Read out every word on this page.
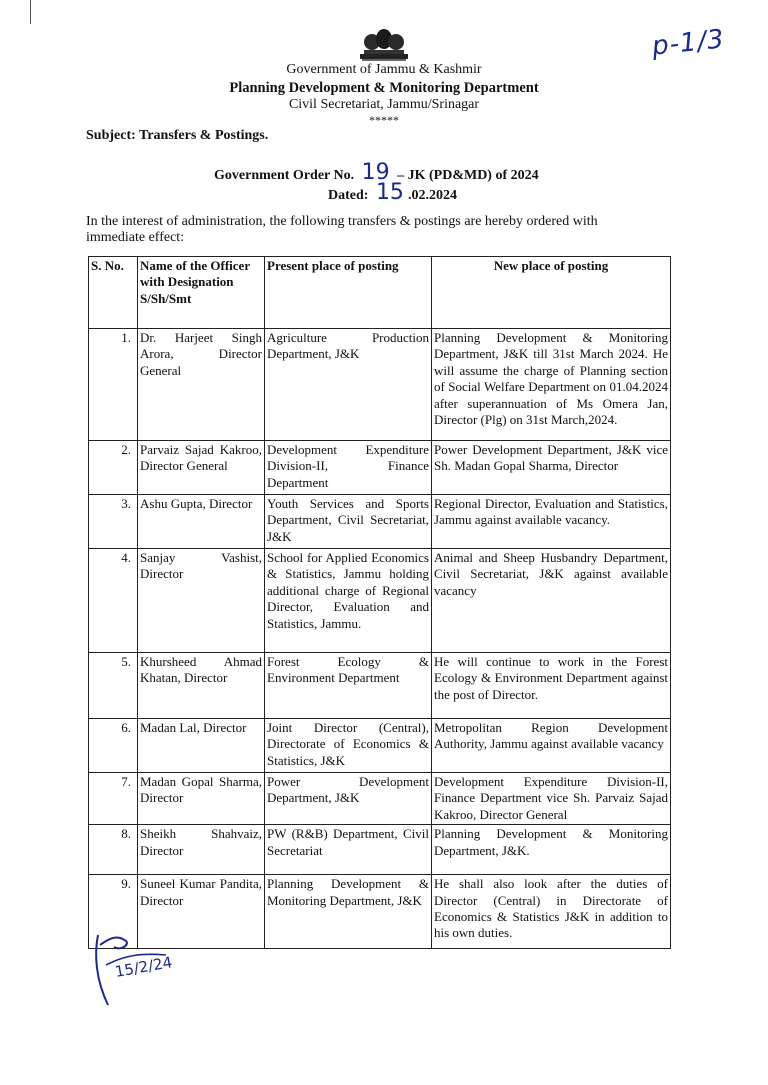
p-1/3
Government of Jammu & Kashmir
Planning Development & Monitoring Department
Civil Secretariat, Jammu/Srinagar
*****
Subject: Transfers & Postings.
Government Order No. 19 – JK (PD&MD) of 2024
Dated: 15 .02.2024
In the interest of administration, the following transfers & postings are hereby ordered with immediate effect:
S. No.	Name of the Officer with Designation S/Sh/Smt	Present place of posting	New place of posting
1.	Dr. Harjeet Singh Arora, Director General	Agriculture Production Department, J&K	Planning Development & Monitoring Department, J&K till 31st March 2024. He will assume the charge of Planning section of Social Welfare Department on 01.04.2024 after superannuation of Ms Omera Jan, Director (Plg) on 31st March,2024.
2.	Parvaiz Sajad Kakroo, Director General	Development Expenditure Division-II, Finance Department	Power Development Department, J&K vice Sh. Madan Gopal Sharma, Director
3.	Ashu Gupta, Director	Youth Services and Sports Department, Civil Secretariat, J&K	Regional Director, Evaluation and Statistics, Jammu against available vacancy.
4.	Sanjay Vashist, Director	School for Applied Economics & Statistics, Jammu holding additional charge of Regional Director, Evaluation and Statistics, Jammu.	Animal and Sheep Husbandry Department, Civil Secretariat, J&K against available vacancy
5.	Khursheed Ahmad Khatan, Director	Forest Ecology & Environment Department	He will continue to work in the Forest Ecology & Environment Department against the post of Director.
6.	Madan Lal, Director	Joint Director (Central), Directorate of Economics & Statistics, J&K	Metropolitan Region Development Authority, Jammu against available vacancy
7.	Madan Gopal Sharma, Director	Power Development Department, J&K	Development Expenditure Division-II, Finance Department vice Sh. Parvaiz Sajad Kakroo, Director General
8.	Sheikh Shahvaiz, Director	PW (R&B) Department, Civil Secretariat	Planning Development & Monitoring Department, J&K.
9.	Suneel Kumar Pandita, Director	Planning Development & Monitoring Department, J&K	He shall also look after the duties of Director (Central) in Directorate of Economics & Statistics J&K in addition to his own duties.
15/2/24
